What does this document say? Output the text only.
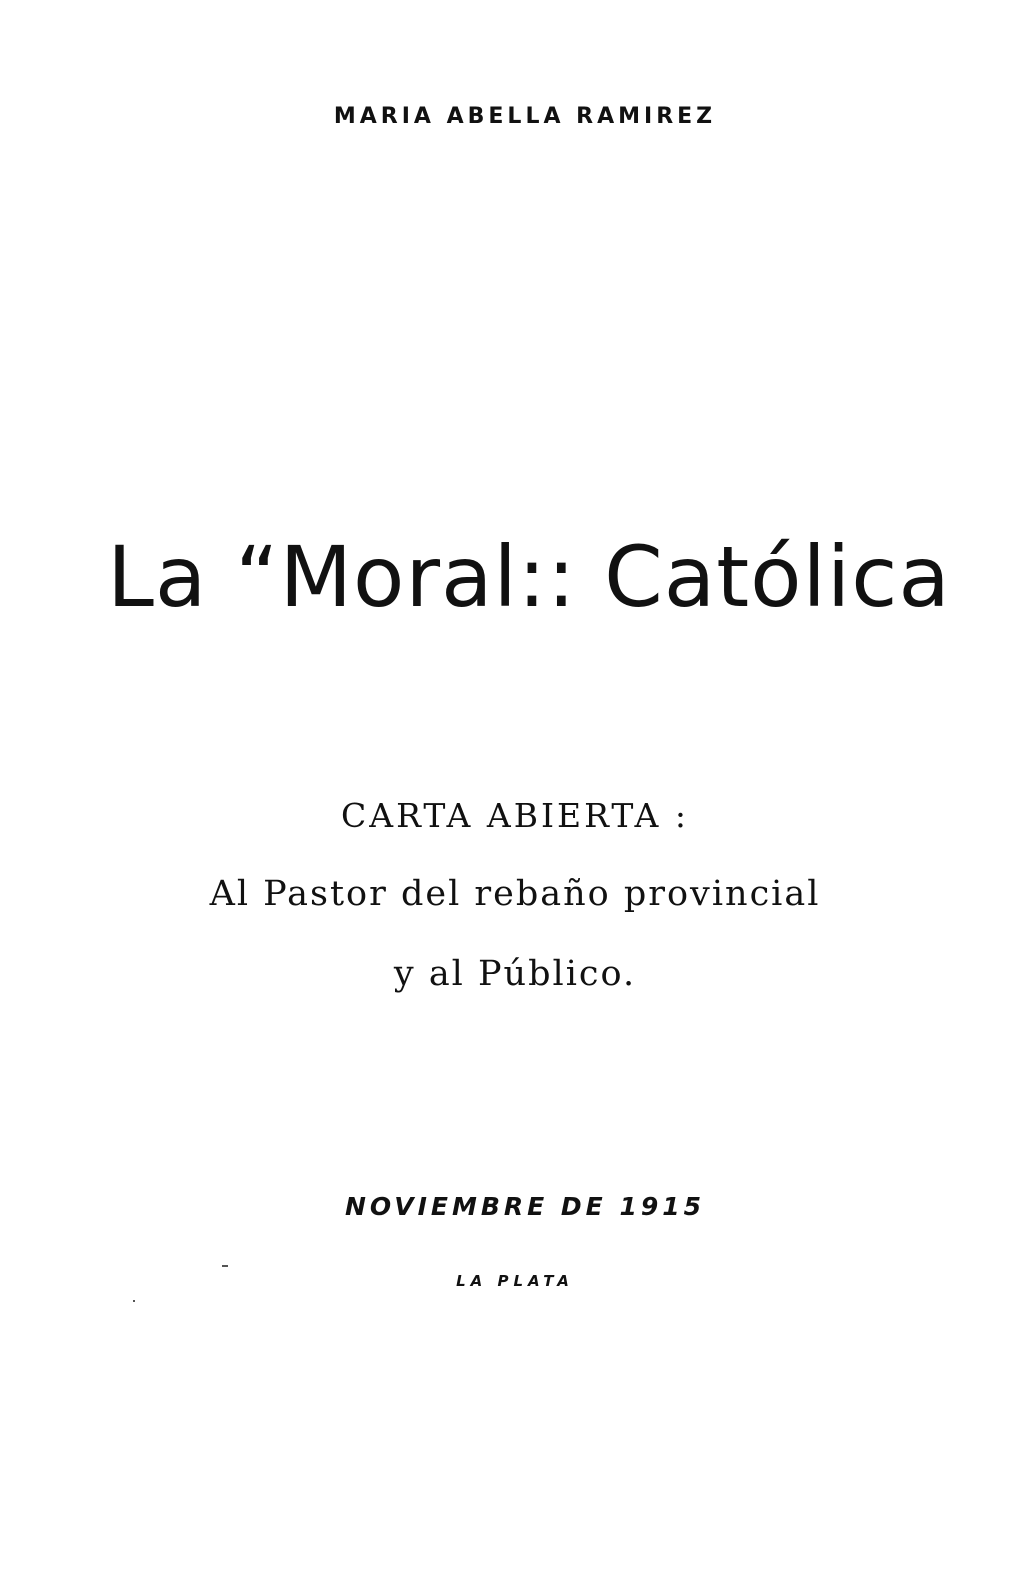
MARIA ABELLA RAMIREZ
La “Moral:: Católica
CARTA ABIERTA :
Al Pastor del rebaño provincial
y al Público.
NOVIEMBRE DE 1915
LA PLATA
